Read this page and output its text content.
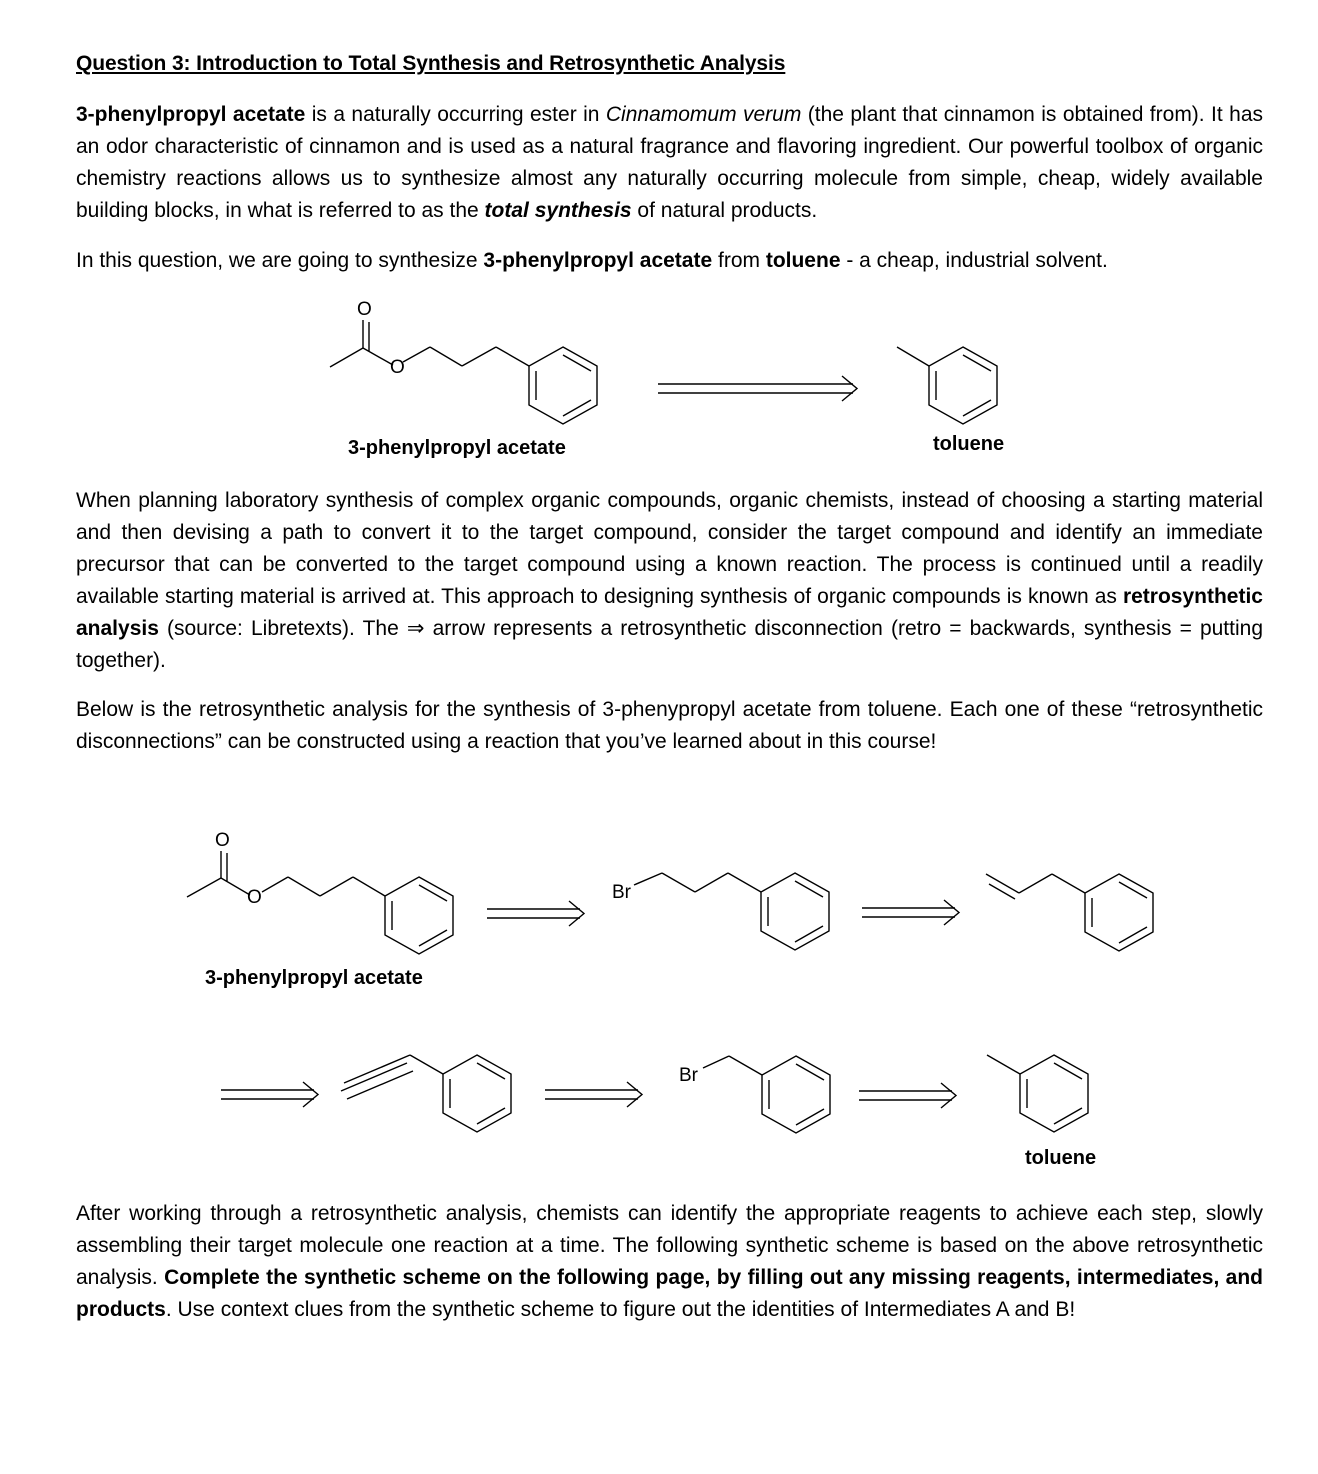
Question 3: Introduction to Total Synthesis and Retrosynthetic Analysis

3-phenylpropyl acetate is a naturally occurring ester in Cinnamomum verum (the plant that cinnamon is obtained from). It has an odor characteristic of cinnamon and is used as a natural fragrance and flavoring ingredient. Our powerful toolbox of organic chemistry reactions allows us to synthesize almost any naturally occurring molecule from simple, cheap, widely available building blocks, in what is referred to as the total synthesis of natural products.

In this question, we are going to synthesize 3-phenylpropyl acetate from toluene - a cheap, industrial solvent.

When planning laboratory synthesis of complex organic compounds, organic chemists, instead of choosing a starting material and then devising a path to convert it to the target compound, consider the target compound and identify an immediate precursor that can be converted to the target compound using a known reaction. The process is continued until a readily available starting material is arrived at. This approach to designing synthesis of organic compounds is known as retrosynthetic analysis (source: Libretexts). The ⇒ arrow represents a retrosynthetic disconnection (retro = backwards, synthesis = putting together).

Below is the retrosynthetic analysis for the synthesis of 3-phenypropyl acetate from toluene. Each one of these “retrosynthetic disconnections” can be constructed using a reaction that you’ve learned about in this course!

After working through a retrosynthetic analysis, chemists can identify the appropriate reagents to achieve each step, slowly assembling their target molecule one reaction at a time. The following synthetic scheme is based on the above retrosynthetic analysis. Complete the synthetic scheme on the following page, by filling out any missing reagents, intermediates, and products. Use context clues from the synthetic scheme to figure out the identities of Intermediates A and B!

O
O
3-phenylpropyl acetate	toluene
O
O
3-phenylpropyl acetate
Br
Br
toluene
